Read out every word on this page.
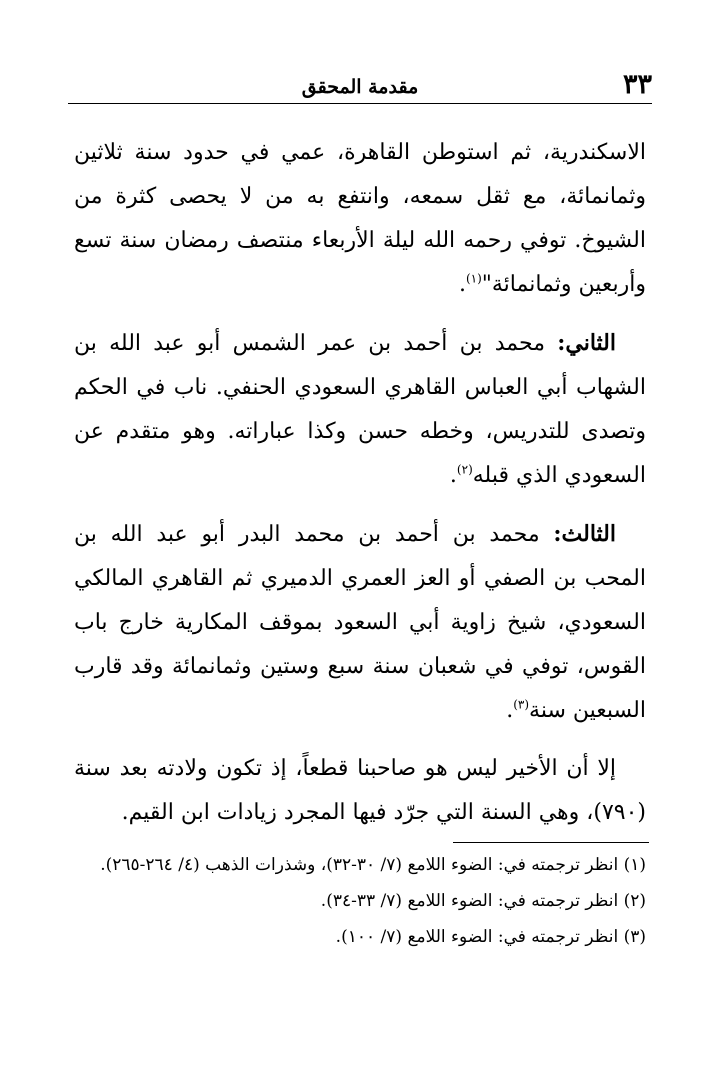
٣٣
مقدمة المحقق

الاسكندرية، ثم استوطن القاهرة، عمي في حدود سنة ثلاثين وثمانمائة، مع ثقل سمعه، وانتفع به من لا يحصى كثرة من الشيوخ. توفي رحمه الله ليلة الأربعاء منتصف رمضان سنة تسع وأربعين وثمانمائة"$^{(١)}$.

الثاني: محمد بن أحمد بن عمر الشمس أبو عبد الله بن الشهاب أبي العباس القاهري السعودي الحنفي. ناب في الحكم وتصدى للتدريس، وخطه حسن وكذا عباراته. وهو متقدم عن السعودي الذي قبله$^{(٢)}$.

الثالث: محمد بن أحمد بن محمد البدر أبو عبد الله بن المحب بن الصفي أو العز العمري الدميري ثم القاهري المالكي السعودي، شيخ زاوية أبي السعود بموقف المكارية خارج باب القوس، توفي في شعبان سنة سبع وستين وثمانمائة وقد قارب السبعين سنة$^{(٣)}$.

إلا أن الأخير ليس هو صاحبنا قطعاً، إذ تكون ولادته بعد سنة (٧٩٠)، وهي السنة التي جرّد فيها المجرد زيادات ابن القيم.

(١) انظر ترجمته في: الضوء اللامع (٧/ ٣٠-٣٢)، وشذرات الذهب (٤/ ٢٦٤-٢٦٥).

(٢) انظر ترجمته في: الضوء اللامع (٧/ ٣٣-٣٤).

(٣) انظر ترجمته في: الضوء اللامع (٧/ ١٠٠).
